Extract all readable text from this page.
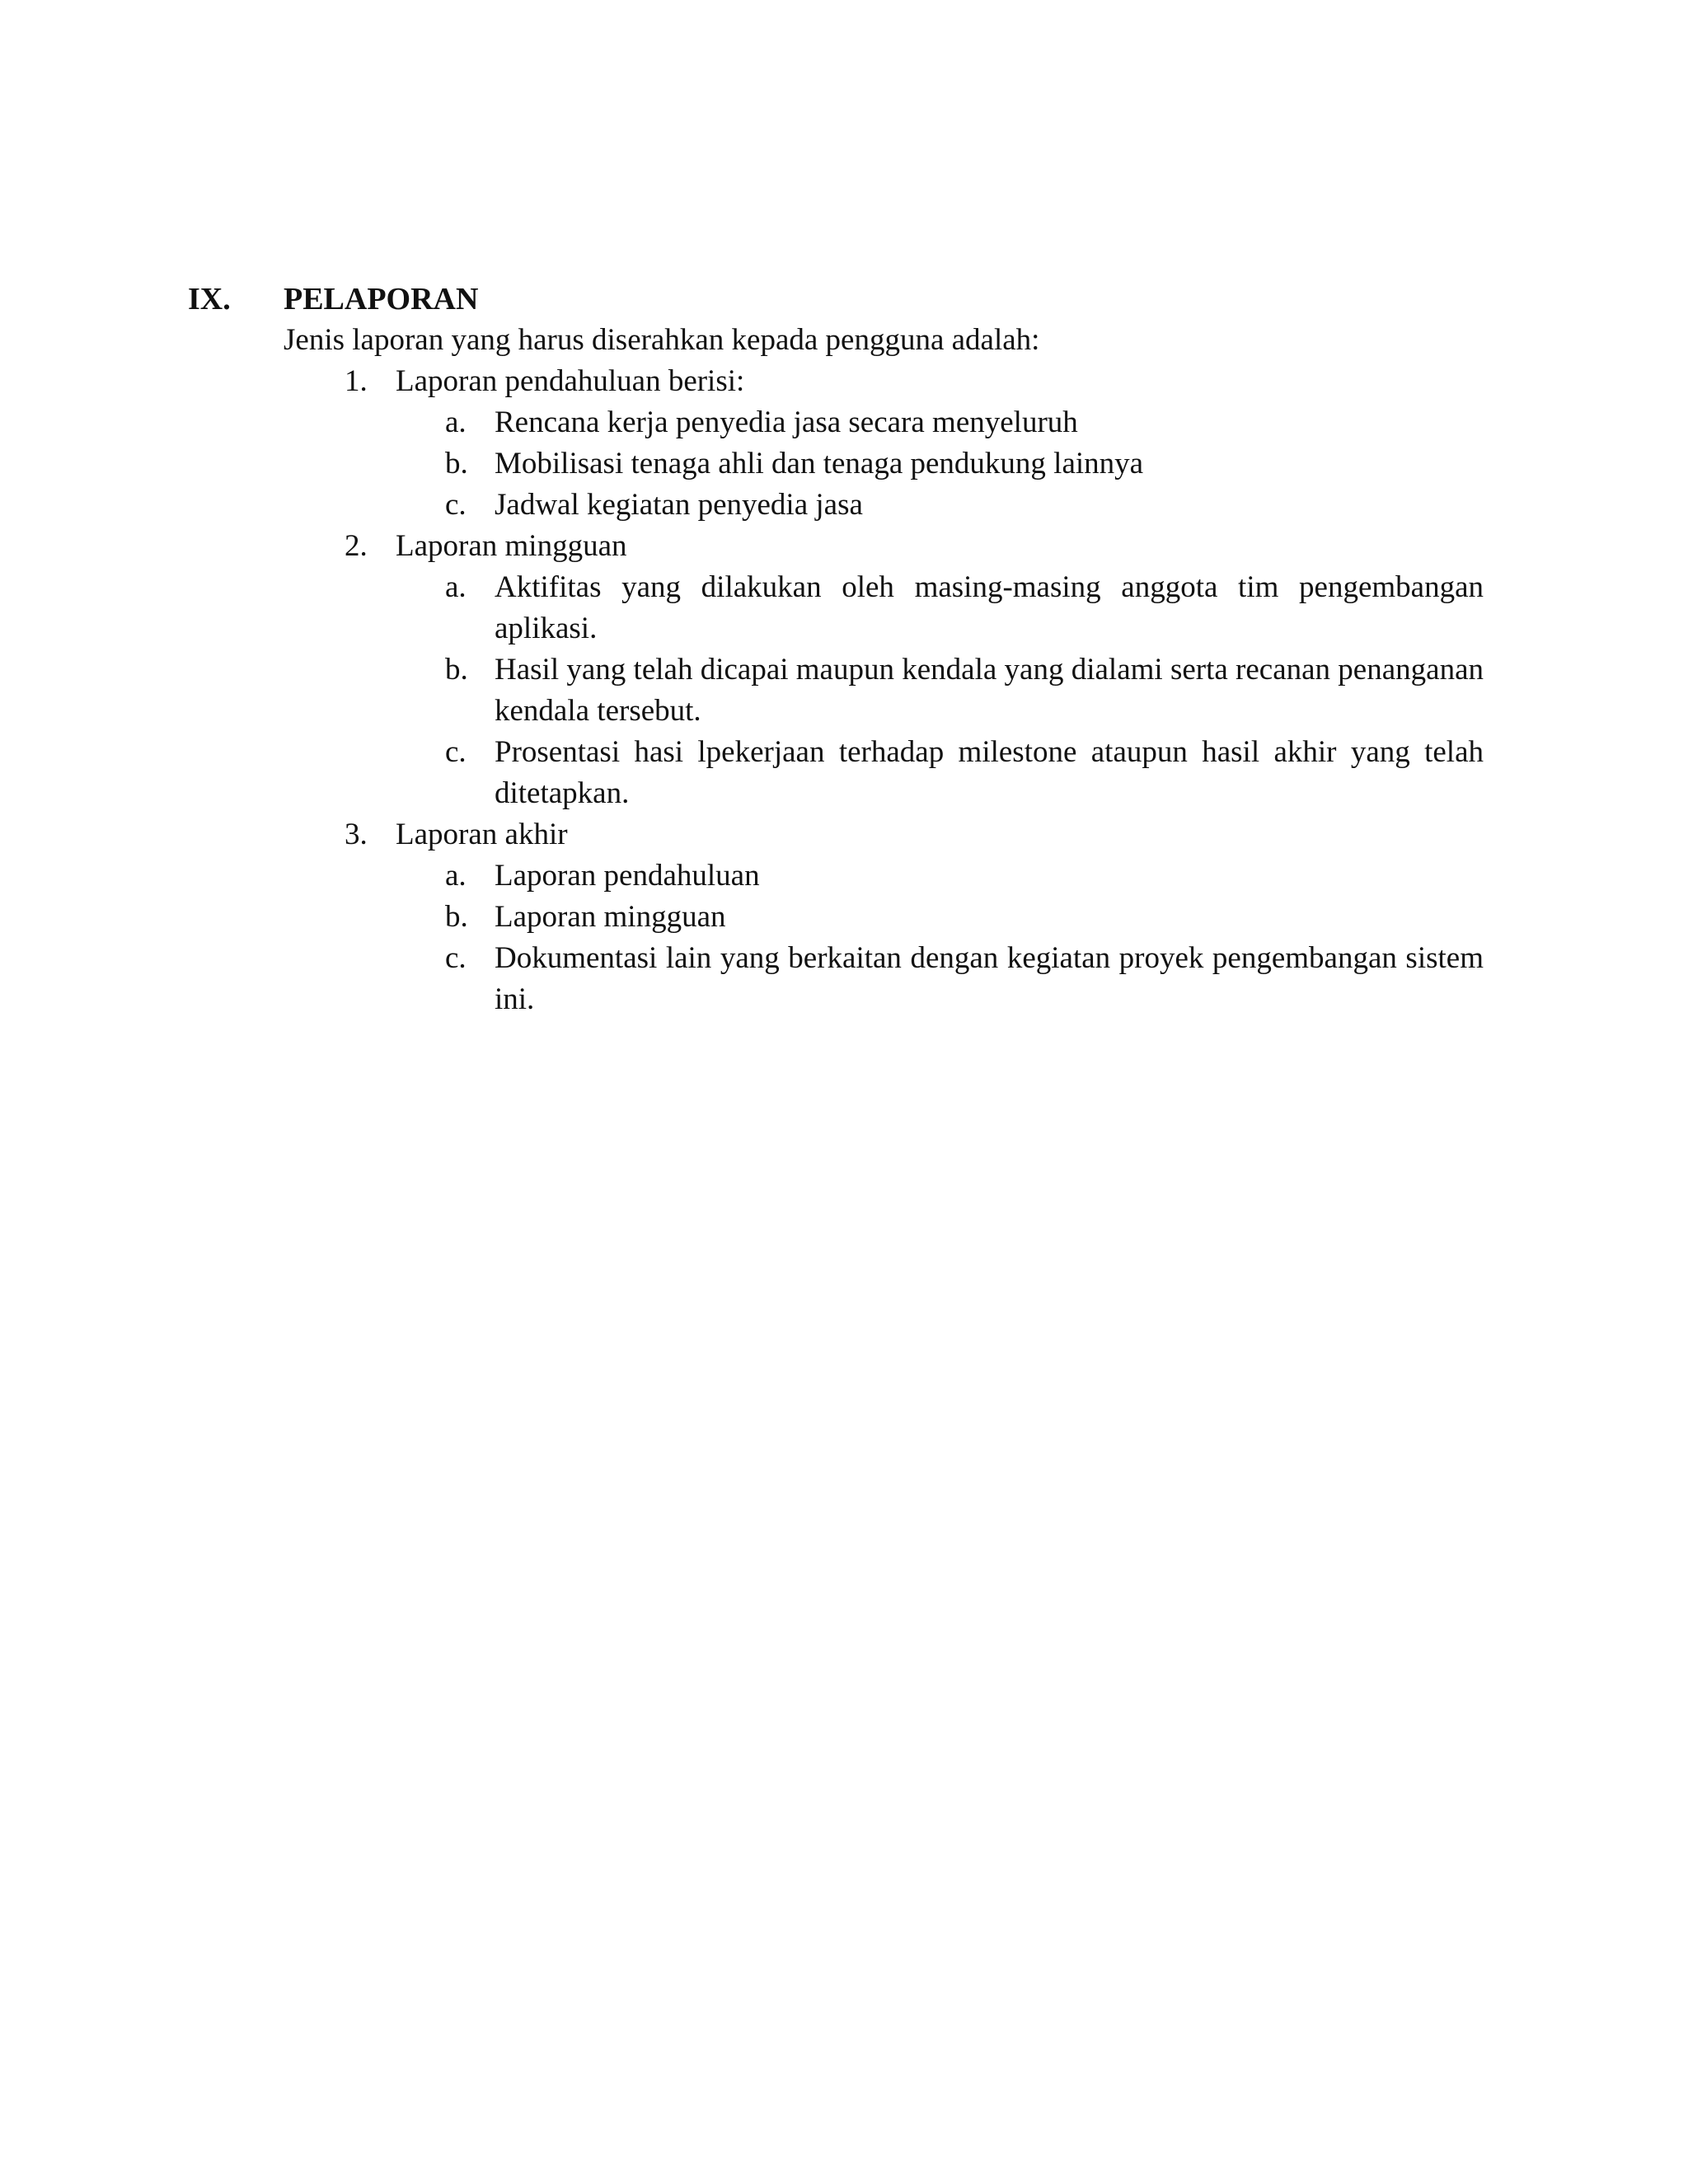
IX. PELAPORAN
Jenis laporan yang harus diserahkan kepada pengguna adalah:
1. Laporan pendahuluan berisi:
a. Rencana kerja penyedia jasa secara menyeluruh
b. Mobilisasi tenaga ahli dan tenaga pendukung lainnya
c. Jadwal kegiatan penyedia jasa
2. Laporan mingguan
a. Aktifitas yang dilakukan oleh masing-masing anggota tim pengembangan aplikasi.
b. Hasil yang telah dicapai maupun kendala yang dialami serta recanan penanganan kendala tersebut.
c. Prosentasi hasi lpekerjaan terhadap milestone ataupun hasil akhir yang telah ditetapkan.
3. Laporan akhir
a. Laporan pendahuluan
b. Laporan mingguan
c. Dokumentasi lain yang berkaitan dengan kegiatan proyek pengembangan sistem ini.
